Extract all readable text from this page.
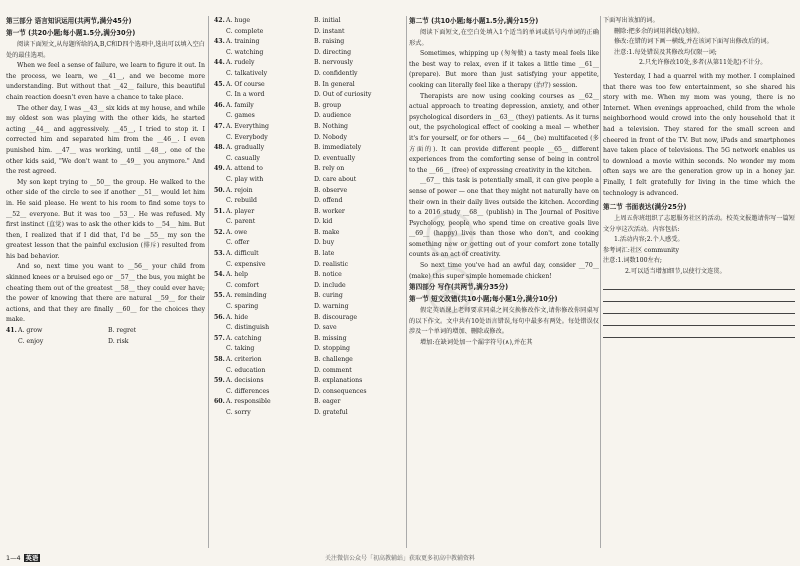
第三部分 语言知识运用(共两节,满分45分)
第一节 (共20小题;每小题1.5分,满分30分)

阅读下面短文,从每题所给的A,B,C和D四个选项中,选出可以填入空白处的最佳选项。

When we feel a sense of failure, we learn to figure it out. In the process, we learn, we __41__, and we become more understanding. But without that __42__ failure, this beautiful chain reaction doesn't even have a chance to take place.

The other day, I was __43__ six kids at my house, and while my oldest son was playing with the other kids, he started acting __44__ and aggressively. __45__, I tried to stop it. I corrected him and separated him from the __46__. I even punished him. __47__ was working, until __48__, one of the other kids said, "We don't want to __49__ you anymore." And the rest agreed.

My son kept trying to __50__ the group. He walked to the other side of the circle to see if another __51__ would let him in. He said please. He went to his room to find some toys to __52__ everyone. But it was too __53__. He was refused. My first instinct (直觉) was to ask the other kids to __54__ him. But then, I realized that if I did that, I'd be __55__ my son the greatest lesson that the painful exclusion (排斥) resulted from his bad behavior.

And so, next time you want to __56__ your child from skinned knees or a bruised ego or __57__ the bus, you might be cheating them out of the greatest __58__ they could ever have; the power of knowing that there are natural __59__ for their actions, and that they are finally __60__ for the choices they make.

41. A. grow	B. regret
C. enjoy	D. risk
42. A. huge	B. initial
C. complete	D. instant
43. A. training	B. raising
C. watching	D. directing
44. A. rudely	B. nervously
C. talkatively	D. confidently
45. A. Of course	B. In general
C. In a word	D. Out of curiosity
46. A. family	B. group
C. games	D. audience
47. A. Everything	B. Nothing
C. Everybody	D. Nobody
48. A. gradually	B. immediately
C. casually	D. eventually
49. A. attend to	B. rely on
C. play with	D. care about
50. A. rejoin	B. observe
C. rebuild	D. offend
51. A. player	B. worker
C. parent	D. kid
52. A. owe	B. make
C. offer	D. buy
53. A. difficult	B. late
C. expensive	D. realistic
54. A. help	B. notice
C. comfort	D. include
55. A. reminding	B. curing
C. sparing	D. warning
56. A. hide	B. discourage
C. distinguish	D. save
57. A. catching	B. missing
C. taking	D. stopping
58. A. criterion	B. challenge
C. education	D. comment
59. A. decisions	B. explanations
C. differences	D. consequences
60. A. responsible	B. eager
C. sorry	D. grateful
第二节 (共10小题;每小题1.5分,满分15分)

阅读下面短文,在空白处填入1个适当的单词或括号内单词的正确形式。

Sometimes, whipping up (匆匆做) a tasty meal feels like the best way to relax, even if it takes a little time __61__ (prepare). But more than just satisfying your appetite, cooking can literally feel like a therapy (治疗) session.

Therapists are now using cooking courses as __62__ actual approach to treating depression, anxiety, and other psychological disorders in __63__ (they) patients. As it turns out, the psychological effect of cooking a meal — whether it's for yourself, or for others — __64__ (be) multifaceted (多方面的). It can provide different people __65__ different experiences from the comforting sense of being in control to the __66__ (free) of expressing creativity in the kitchen.

__67__ this task is potentially small, it can give people a sense of power — one that they might not naturally have on their own in their daily lives outside the kitchen. According to a 2016 study __68__ (publish) in The Journal of Positive Psychology, people who spend time on creative goals live __69__ (happy) lives than those who don't, and cooking something new or getting out of your comfort zone totally counts as an act of creativity.

So next time you've had an awful day, consider __70__ (make) this super simple homemade chicken!

第四部分 写作(共两节,满分35分)
第一节 短文改错(共10小题;每小题1分,满分10分)

假定英语课上老师要求同桌之间交换修改作文,请你修改你同桌写的以下作文。文中共有10处语言错误,每句中最多有两处。每处错误仅涉及一个单词的增加、删除或修改。

增加:在缺词处加一个漏字符号(∧),并在其

下面写出该加的词。

删除:把多余的词用斜线(\)划掉。

修改:在错的词下画一横线,并在该词下面写出修改后的词。

注意:1.每处错误及其修改均仅限一词;

2.只允许修改10处,多者(从第11处起)不计分。

Yesterday, I had a quarrel with my mother. I complained that there was too few entertainment, so she shared his story with me. When my mom was young, there is no Internet. When evenings approached, child from the whole neighborhood would crowd into the only household that it had a television. They stared for the small screen and cheered in front of the TV. But now, iPads and smartphones have taken place of televisions. The 5G network enables us to download a movie within seconds. No wonder my mom often says we are the generation grow up in a honey jar. Finally, I felt gratefully for living in the time which the technology is advanced.

第二节 书面表达(满分25分)

上周五你班组织了志愿服务社区的活动。校英文报邀请你写一篇短文分享这次活动。内容包括:

1.活动内容;2.个人感受。

参考词汇:社区 community

注意:1.词数100左右;

2.可以适当增加细节,以使行文连贯。

1—4 英语	关注微信公众号「初高教辅站」获取更多初高中教辅资料
